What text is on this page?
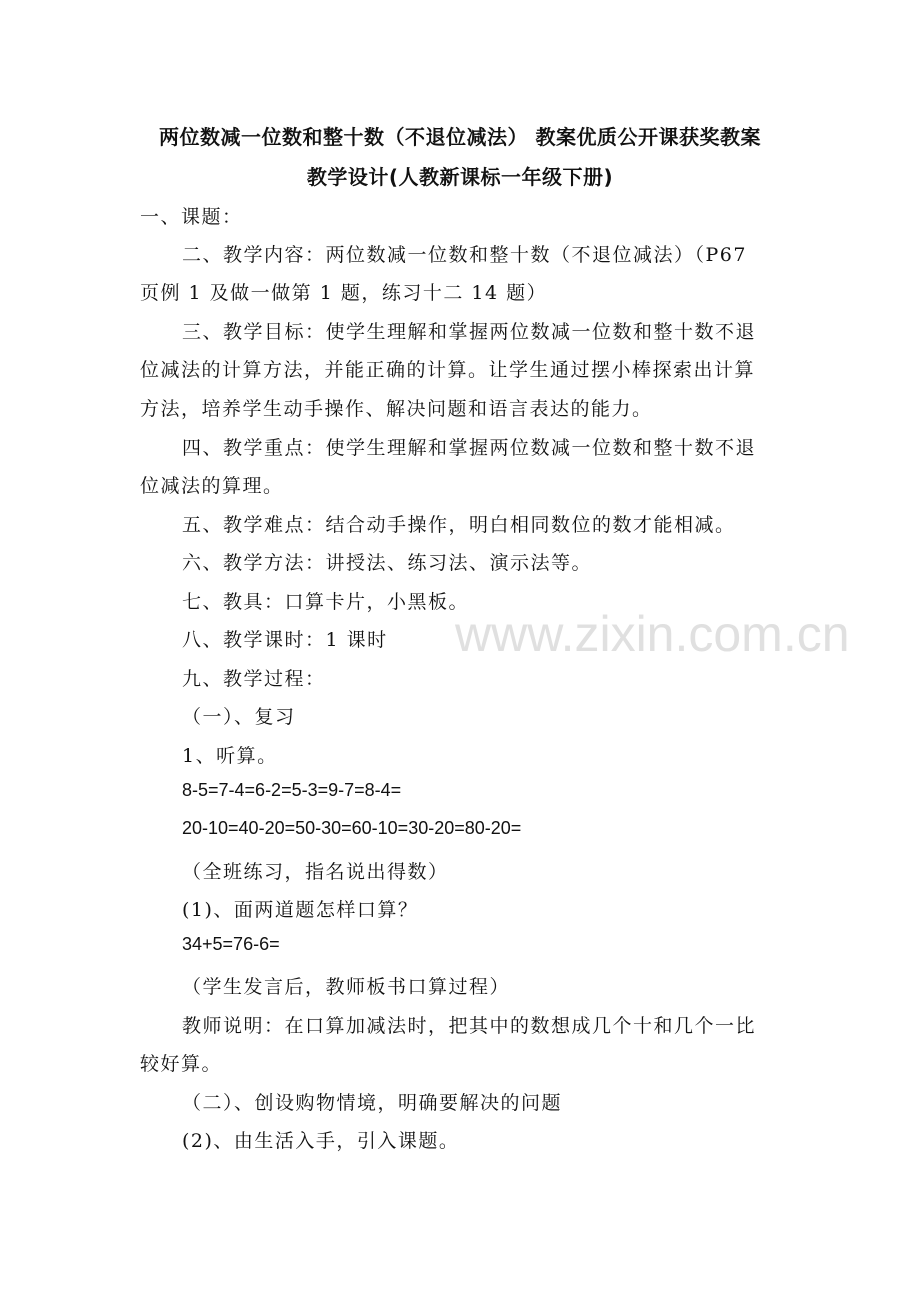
两位数减一位数和整十数（不退位减法） 教案优质公开课获奖教案
教学设计(人教新课标一年级下册)
一、课题：
二、教学内容：两位数减一位数和整十数（不退位减法）（P67
页例 1 及做一做第 1 题，练习十二 14 题）
三、教学目标：使学生理解和掌握两位数减一位数和整十数不退
位减法的计算方法，并能正确的计算。让学生通过摆小棒探索出计算
方法，培养学生动手操作、解决问题和语言表达的能力。
四、教学重点：使学生理解和掌握两位数减一位数和整十数不退
位减法的算理。
五、教学难点：结合动手操作，明白相同数位的数才能相减。
六、教学方法：讲授法、练习法、演示法等。
七、教具：口算卡片，小黑板。
八、教学课时：1 课时
九、教学过程：
（一）、复习
1、听算。
8-5=7-4=6-2=5-3=9-7=8-4=
20-10=40-20=50-30=60-10=30-20=80-20=
（全班练习，指名说出得数）
(1)、面两道题怎样口算？
34+5=76-6=
（学生发言后，教师板书口算过程）
教师说明：在口算加减法时，把其中的数想成几个十和几个一比
较好算。
（二）、创设购物情境，明确要解决的问题
(2)、由生活入手，引入课题。
www.zixin.com.cn
